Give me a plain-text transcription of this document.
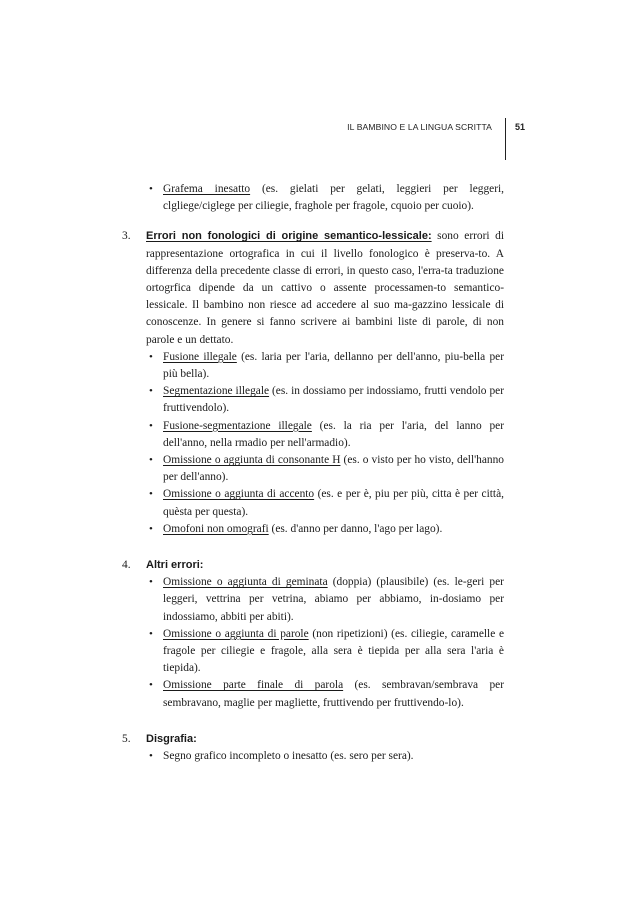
IL BAMBINO E LA LINGUA SCRITTA	51
• Grafema inesatto (es. gielati per gelati, leggieri per leggeri, clgliege/ciglege per ciliegie, fraghole per fragole, cquoio per cuoio).
3. Errori non fonologici di origine semantico-lessicale: sono errori di rappresentazione ortografica in cui il livello fonologico è preserva-to. A differenza della precedente classe di errori, in questo caso, l'erra-ta traduzione ortogrfica dipende da un cattivo o assente processamen-to semantico-lessicale. Il bambino non riesce ad accedere al suo ma-gazzino lessicale di conoscenze. In genere si fanno scrivere ai bambini liste di parole, di non parole e un dettato.
• Fusione illegale (es. laria per l'aria, dellanno per dell'anno, piu-bella per più bella).
• Segmentazione illegale (es. in dossiamo per indossiamo, frutti vendolo per fruttivendolo).
• Fusione-segmentazione illegale (es. la ria per l'aria, del lanno per dell'anno, nella rmadio per nell'armadio).
• Omissione o aggiunta di consonante H (es. o visto per ho visto, dell'hanno per dell'anno).
• Omissione o aggiunta di accento (es. e per è, piu per più, citta è per città, quèsta per questa).
• Omofoni non omografi (es. d'anno per danno, l'ago per lago).
4. Altri errori:
• Omissione o aggiunta di geminata (doppia) (plausibile) (es. le-geri per leggeri, vettrina per vetrina, abiamo per abbiamo, in-dosiamo per indossiamo, abbiti per abiti).
• Omissione o aggiunta di parole (non ripetizioni) (es. ciliegie, caramelle e fragole per ciliegie e fragole, alla sera è tiepida per alla sera l'aria è tiepida).
• Omissione parte finale di parola (es. sembravan/sembrava per sembravano, maglie per magliette, fruttivendo per fruttivendo-lo).
5. Disgrafia:
• Segno grafico incompleto o inesatto (es. sero per sera).
